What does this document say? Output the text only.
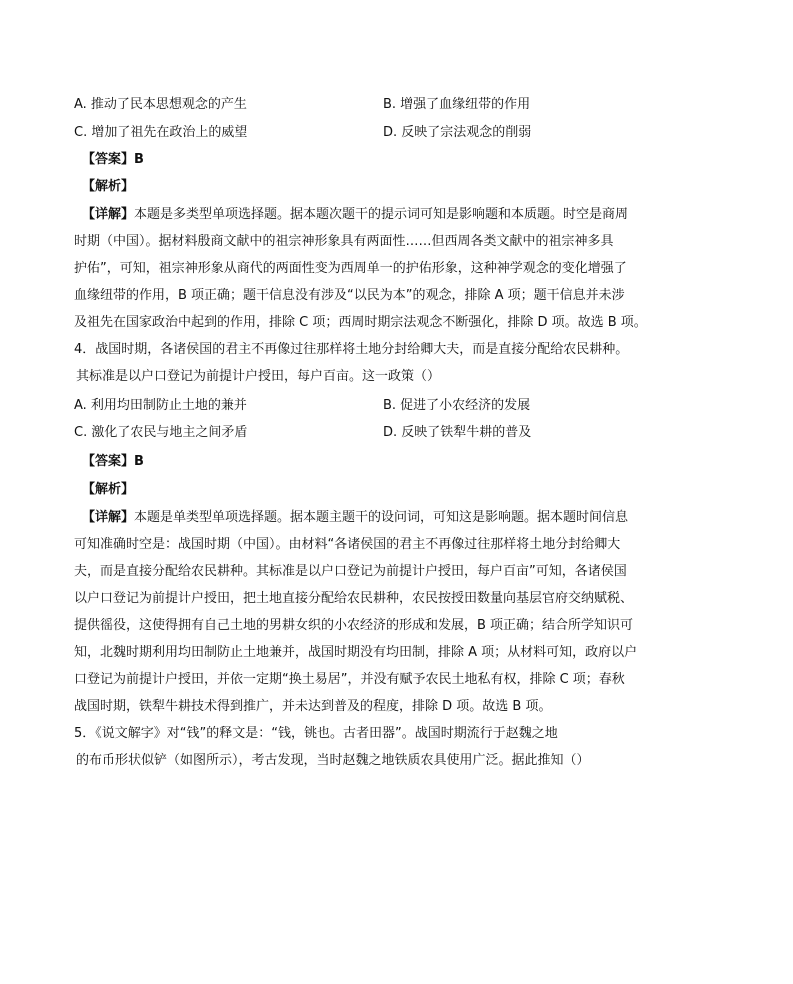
A. 推动了民本思想观念的产生	B. 增强了血缘纽带的作用
C. 增加了祖先在政治上的威望	D. 反映了宗法观念的削弱
【答案】B
【解析】
【详解】本题是多类型单项选择题。据本题次题干的提示词可知是影响题和本质题。时空是商周
时期（中国）。据材料殷商文献中的祖宗神形象具有两面性……但西周各类文献中的祖宗神多具
护佑”，可知，祖宗神形象从商代的两面性变为西周单一的护佑形象，这种神学观念的变化增强了
血缘纽带的作用，B 项正确；题干信息没有涉及“以民为本”的观念，排除 A 项；题干信息并未涉
及祖先在国家政治中起到的作用，排除 C 项；西周时期宗法观念不断强化，排除 D 项。故选 B 项。
4．战国时期，各诸侯国的君主不再像过往那样将土地分封给卿大夫，而是直接分配给农民耕种。
其标准是以户口登记为前提计户授田，每户百亩。这一政策（）
A. 利用均田制防止土地的兼并	B. 促进了小农经济的发展
C. 激化了农民与地主之间矛盾	D. 反映了铁犁牛耕的普及
【答案】B
【解析】
【详解】本题是单类型单项选择题。据本题主题干的设问词，可知这是影响题。据本题时间信息
可知准确时空是：战国时期（中国）。由材料“各诸侯国的君主不再像过往那样将土地分封给卿大
夫，而是直接分配给农民耕种。其标准是以户口登记为前提计户授田，每户百亩”可知，各诸侯国
以户口登记为前提计户授田，把土地直接分配给农民耕种，农民按授田数量向基层官府交纳赋税、
提供徭役，这使得拥有自己土地的男耕女织的小农经济的形成和发展，B 项正确；结合所学知识可
知，北魏时期利用均田制防止土地兼并，战国时期没有均田制，排除 A 项；从材料可知，政府以户
口登记为前提计户授田，并依一定期“换土易居”，并没有赋予农民土地私有权，排除 C 项；春秋
战国时期，铁犁牛耕技术得到推广，并未达到普及的程度，排除 D 项。故选 B 项。
5．《说文解字》对“钱”的释文是：“钱，铫也。古者田器”。战国时期流行于赵魏之地
的布币形状似铲（如图所示），考古发现，当时赵魏之地铁质农具使用广泛。据此推知（）
